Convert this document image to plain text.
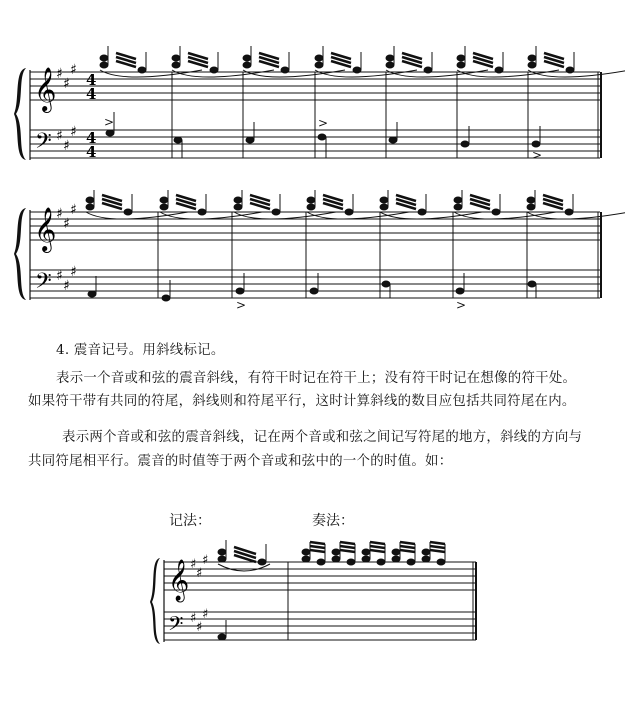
𝄞
𝄢
♯
♯
♯
♯
♯
♯
4
4
4
4
>	>
>
𝄞
𝄢
♯
♯
♯
♯
♯
♯
>	>
4. 震音记号。用斜线标记。
表示一个音或和弦的震音斜线，有符干时记在符干上；没有符干时记在想像的符干处。
如果符干带有共同的符尾，斜线则和符尾平行，这时计算斜线的数目应包括共同符尾在内。
表示两个音或和弦的震音斜线，记在两个音或和弦之间记写符尾的地方，斜线的方向与
共同符尾相平行。震音的时值等于两个音或和弦中的一个的时值。如：
记法：	奏法：
𝄞
𝄢
♯
♯
♯
♯
♯
♯
